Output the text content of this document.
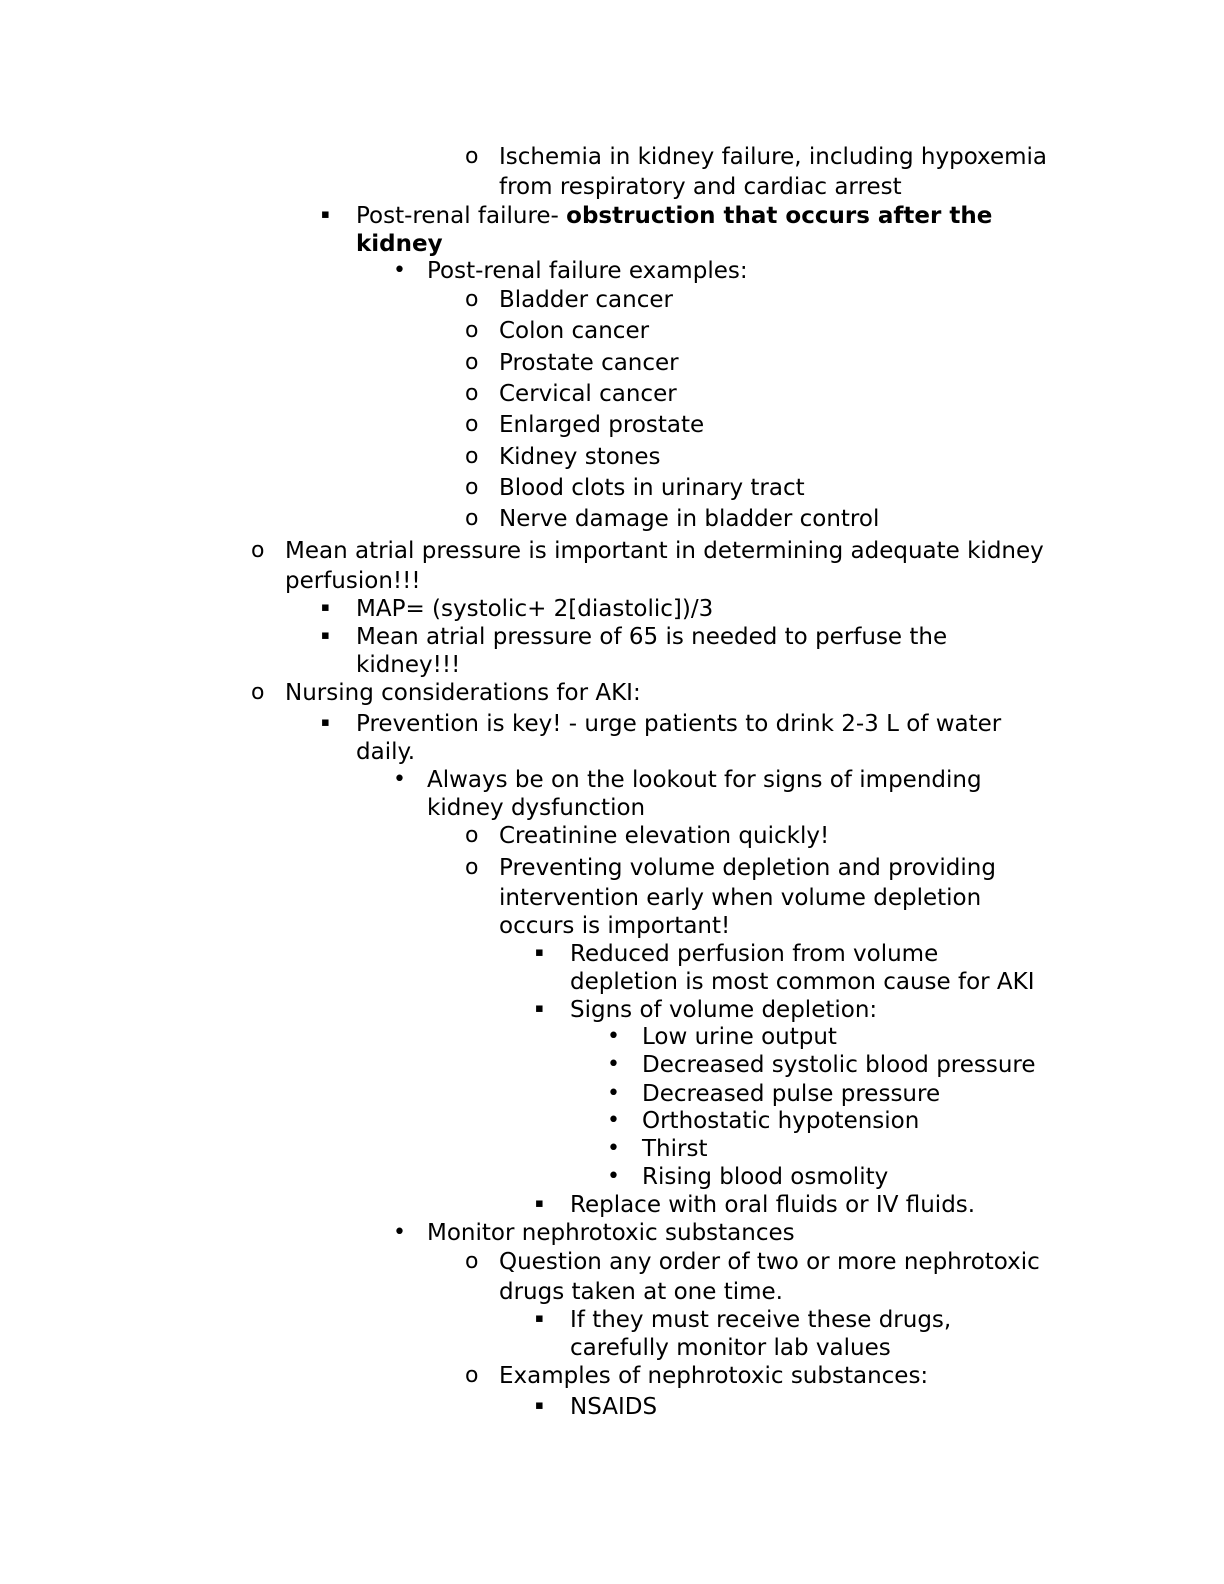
o Ischemia in kidney failure, including hypoxemia
from respiratory and cardiac arrest
▪ Post-renal failure- obstruction that occurs after the
kidney
• Post-renal failure examples:
o Bladder cancer
o Colon cancer
o Prostate cancer
o Cervical cancer
o Enlarged prostate
o Kidney stones
o Blood clots in urinary tract
o Nerve damage in bladder control
o Mean atrial pressure is important in determining adequate kidney
perfusion!!!
▪ MAP= (systolic+ 2[diastolic])/3
▪ Mean atrial pressure of 65 is needed to perfuse the
kidney!!!
o Nursing considerations for AKI:
▪ Prevention is key! - urge patients to drink 2-3 L of water
daily.
• Always be on the lookout for signs of impending
kidney dysfunction
o Creatinine elevation quickly!
o Preventing volume depletion and providing
intervention early when volume depletion
occurs is important!
▪ Reduced perfusion from volume
depletion is most common cause for AKI
▪ Signs of volume depletion:
• Low urine output
• Decreased systolic blood pressure
• Decreased pulse pressure
• Orthostatic hypotension
• Thirst
• Rising blood osmolity
▪ Replace with oral fluids or IV fluids.
• Monitor nephrotoxic substances
o Question any order of two or more nephrotoxic
drugs taken at one time.
▪ If they must receive these drugs,
carefully monitor lab values
o Examples of nephrotoxic substances:
▪ NSAIDS
